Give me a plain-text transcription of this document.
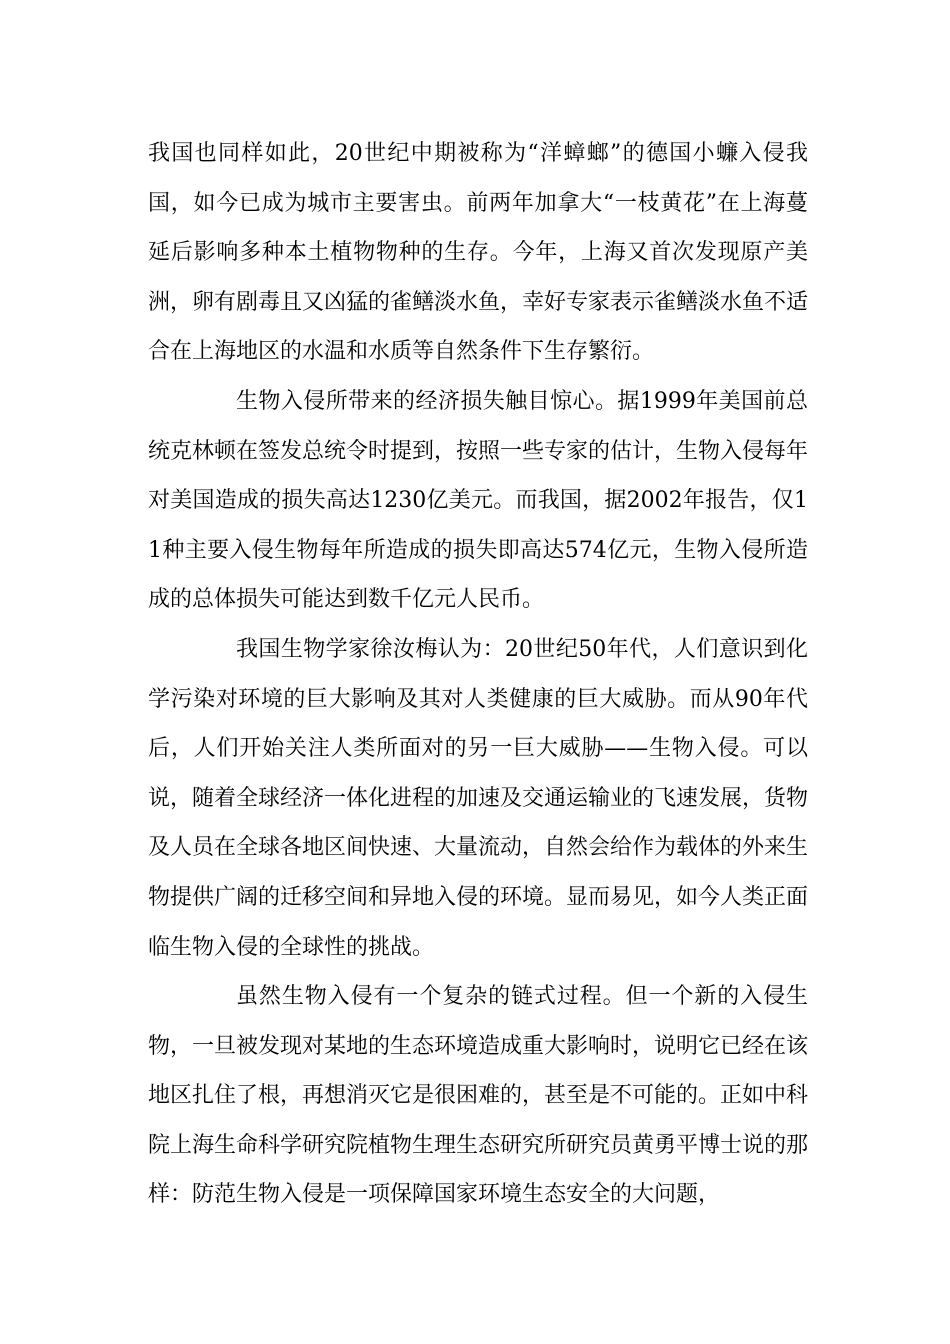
我国也同样如此，20世纪中期被称为“洋蟑螂”的德国小蠊入侵我国，如今已成为城市主要害虫。前两年加拿大“一枝黄花”在上海蔓延后影响多种本土植物物种的生存。今年，上海又首次发现原产美洲，卵有剧毒且又凶猛的雀鳝淡水鱼，幸好专家表示雀鳝淡水鱼不适合在上海地区的水温和水质等自然条件下生存繁衍。

生物入侵所带来的经济损失触目惊心。据1999年美国前总统克林顿在签发总统令时提到，按照一些专家的估计，生物入侵每年对美国造成的损失高达1230亿美元。而我国，据2002年报告，仅11种主要入侵生物每年所造成的损失即高达574亿元，生物入侵所造成的总体损失可能达到数千亿元人民币。

我国生物学家徐汝梅认为：20世纪50年代，人们意识到化学污染对环境的巨大影响及其对人类健康的巨大威胁。而从90年代后，人们开始关注人类所面对的另一巨大威胁——生物入侵。可以说，随着全球经济一体化进程的加速及交通运输业的飞速发展，货物及人员在全球各地区间快速、大量流动，自然会给作为载体的外来生物提供广阔的迁移空间和异地入侵的环境。显而易见，如今人类正面临生物入侵的全球性的挑战。

虽然生物入侵有一个复杂的链式过程。但一个新的入侵生物，一旦被发现对某地的生态环境造成重大影响时，说明它已经在该地区扎住了根，再想消灭它是很困难的，甚至是不可能的。正如中科院上海生命科学研究院植物生理生态研究所研究员黄勇平博士说的那样：防范生物入侵是一项保障国家环境生态安全的大问题，
